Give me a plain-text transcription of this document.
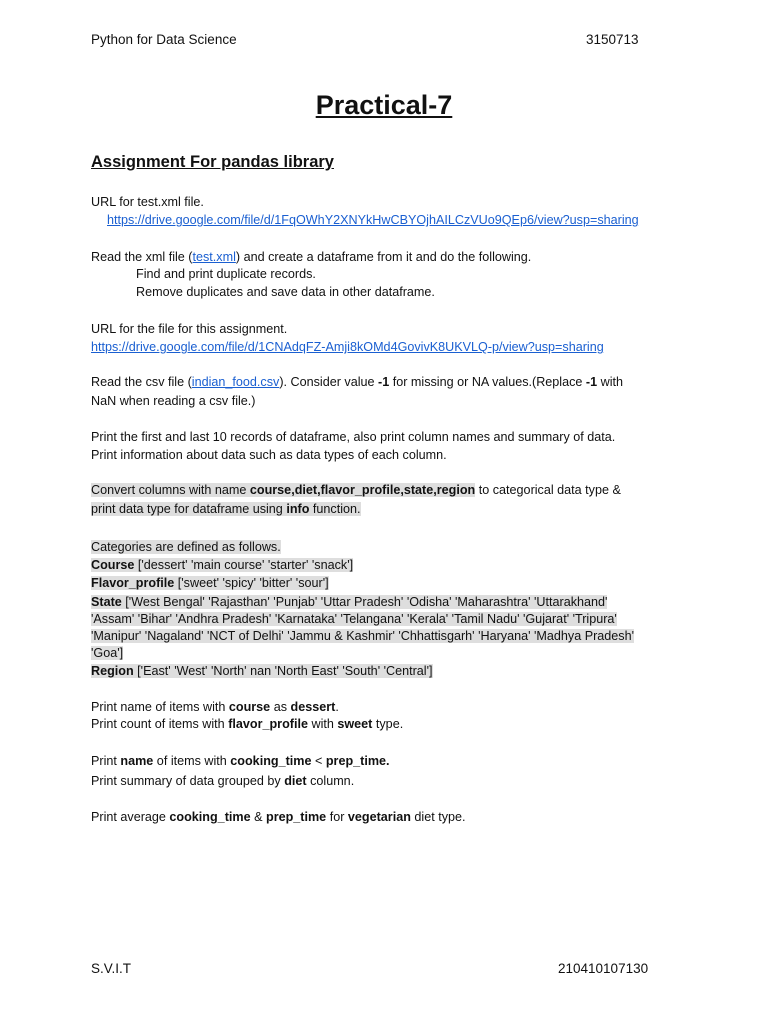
Python for Data Science	3150713
Practical-7
Assignment For pandas library
URL for test.xml file.
https://drive.google.com/file/d/1FqOWhY2XNYkHwCBYOjhAILCzVUo9QEp6/view?usp=sharing
Read the xml file (test.xml) and create a dataframe from it and do the following.
Find and print duplicate records.
Remove duplicates and save data in other dataframe.
URL for the file for this assignment.
https://drive.google.com/file/d/1CNAdqFZ-Amji8kOMd4GovivK8UKVLQ-p/view?usp=sharing
Read the csv file (indian_food.csv). Consider value -1 for missing or NA values.(Replace -1 with
NaN when reading a csv file.)
Print the first and last 10 records of dataframe, also print column names and summary of data.
Print information about data such as data types of each column.
Convert columns with name course,diet,flavor_profile,state,region to categorical data type &
print data type for dataframe using info function.
Categories are defined as follows.
Course ['dessert' 'main course' 'starter' 'snack']
Flavor_profile ['sweet' 'spicy' 'bitter' 'sour']
State ['West Bengal' 'Rajasthan' 'Punjab' 'Uttar Pradesh' 'Odisha' 'Maharashtra' 'Uttarakhand'
'Assam' 'Bihar' 'Andhra Pradesh' 'Karnataka' 'Telangana' 'Kerala' 'Tamil Nadu' 'Gujarat' 'Tripura'
'Manipur' 'Nagaland' 'NCT of Delhi' 'Jammu & Kashmir' 'Chhattisgarh' 'Haryana' 'Madhya Pradesh'
'Goa']
Region ['East' 'West' 'North' nan 'North East' 'South' 'Central']
Print name of items with course as dessert.
Print count of items with flavor_profile with sweet type.
Print name of items with cooking_time < prep_time.
Print summary of data grouped by diet column.
Print average cooking_time & prep_time for vegetarian diet type.
S.V.I.T	210410107130
